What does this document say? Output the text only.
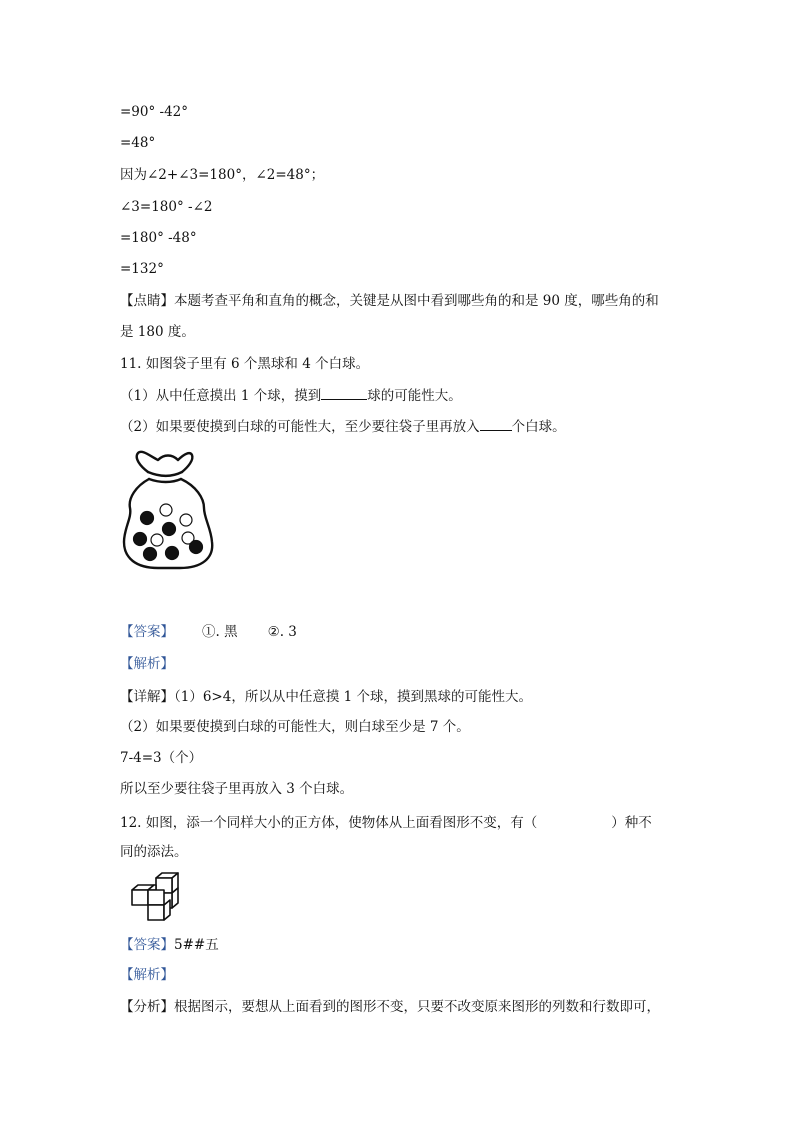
=90° -42°
=48°
因为∠2+∠3=180°，∠2=48°；
∠3=180° -∠2
=180° -48°
=132°
【点睛】本题考查平角和直角的概念，关键是从图中看到哪些角的和是 90 度，哪些角的和
是 180 度。
11. 如图袋子里有 6 个黑球和 4 个白球。
（1）从中任意摸出 1 个球，摸到	球的可能性大。
（2）如果要使摸到白球的可能性大，至少要往袋子里再放入 个白球。
【答案】 ①. 黑 ②. 3
【解析】
【详解】（1）6>4，所以从中任意摸 1 个球，摸到黑球的可能性大。
（2）如果要使摸到白球的可能性大，则白球至少是 7 个。
7-4=3（个）
所以至少要往袋子里再放入 3 个白球。
12. 如图，添一个同样大小的正方体，使物体从上面看图形不变，有（	）种不
同的添法。
【答案】5##五
【解析】
【分析】根据图示，要想从上面看到的图形不变，只要不改变原来图形的列数和行数即可，
